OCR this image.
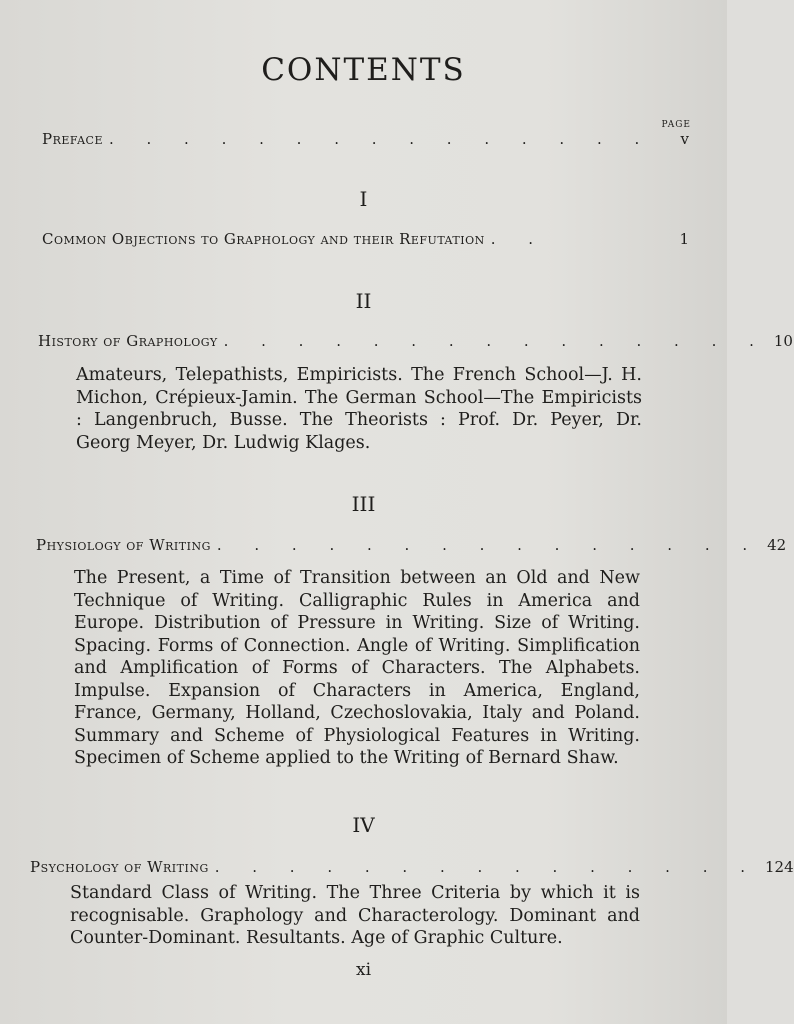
CONTENTS
PAGE
Preface . . . . . . . . . . . . . . .	v
I
Common Objections to Graphology and their Refutation . .	1
II
History of Graphology . . . . . . . . . . . . . . . 10
Amateurs, Telepathists, Empiricists. The French School—J. H. Michon, Crépieux-Jamin. The German School—The Empiricists : Langenbruch, Busse. The Theorists : Prof. Dr. Peyer, Dr. Georg Meyer, Dr. Ludwig Klages.
III
Physiology of Writing . . . . . . . . . . . . . . . 42
The Present, a Time of Transition between an Old and New Technique of Writing. Calligraphic Rules in America and Europe. Distribution of Pressure in Writing. Size of Writing. Spacing. Forms of Connection. Angle of Writing. Simplification and Amplification of Forms of Characters. The Alphabets. Impulse. Expansion of Characters in America, England, France, Germany, Holland, Czechoslovakia, Italy and Poland. Summary and Scheme of Physiological Features in Writing. Specimen of Scheme applied to the Writing of Bernard Shaw.
IV
Psychology of Writing . . . . . . . . . . . . . . . 124
Standard Class of Writing. The Three Criteria by which it is recognisable. Graphology and Characterology. Dominant and Counter-Dominant. Resultants. Age of Graphic Culture.
xi
